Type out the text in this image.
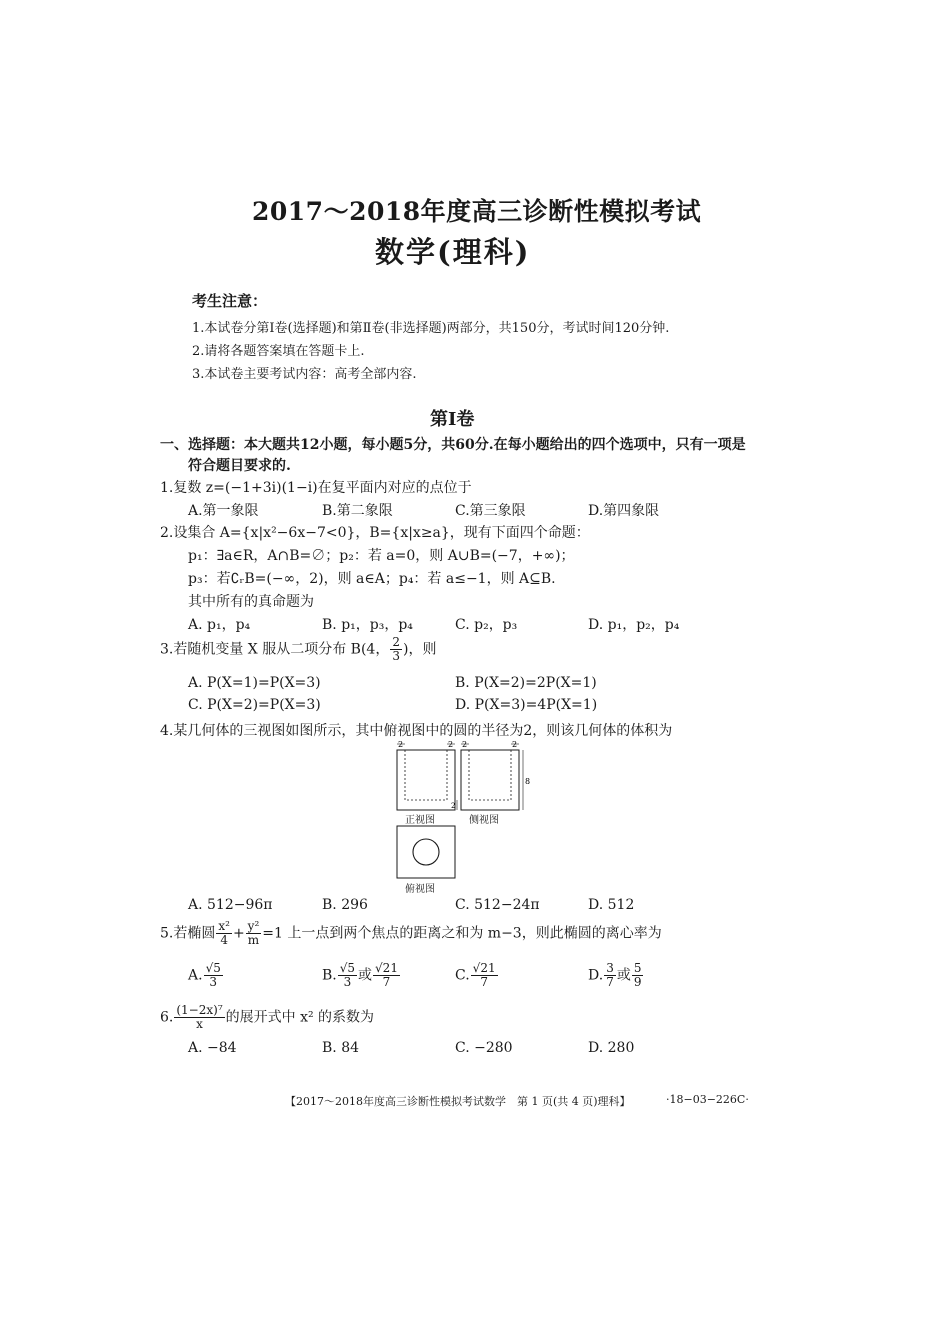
2017～2018年度高三诊断性模拟考试
数学(理科)
考生注意：
1.本试卷分第Ⅰ卷(选择题)和第Ⅱ卷(非选择题)两部分，共150分，考试时间120分钟.
2.请将各题答案填在答题卡上.
3.本试卷主要考试内容：高考全部内容.
第Ⅰ卷
一、选择题：本大题共12小题，每小题5分，共60分.在每小题给出的四个选项中，只有一项是
符合题目要求的.
1.复数 z=(−1+3i)(1−i)在复平面内对应的点位于
A.第一象限	B.第二象限	C.第三象限	D.第四象限
2.设集合 A={x|x²−6x−7<0}，B={x|x≥a}，现有下面四个命题：
p₁：∃a∈R，A∩B=∅；p₂：若 a=0，则 A∪B=(−7，+∞)；
p₃：若∁ᵣB=(−∞，2)，则 a∈A；p₄：若 a≤−1，则 A⊆B.
其中所有的真命题为
A. p₁，p₄	B. p₁，p₃，p₄	C. p₂，p₃	D. p₁，p₂，p₄
3.若随机变量 X 服从二项分布 B(4， $\frac{2}{3}$ )，则
A. P(X=1)=P(X=3)	B. P(X=2)=2P(X=1)
C. P(X=2)=P(X=3)	D. P(X=3)=4P(X=1)
4.某几何体的三视图如图所示，其中俯视图中的圆的半径为2，则该几何体的体积为
2	2 2	2
8
2
正视图	侧视图
俯视图
A. 512−96π	B. 296	C. 512−24π	D. 512
5.若椭圆 $\frac{\text{x²}}{4} + \frac{\text{y²}}{m} =1$ 上一点到两个焦点的距离之和为 m−3，则此椭圆的离心率为
A. $\frac{√5}{3}$	B. $\frac{√5}{3}$ 或 $\frac{√21}{7}$	C. $\frac{√21}{7}$	D. $\frac{3}{7}$ 或 $\frac{5}{9}$
6. $\frac{\text{(1−2x)⁷}}{x}$ 的展开式中 x² 的系数为
A. −84	B. 84	C. −280	D. 280
【2017～2018年度高三诊断性模拟考试数学　第 1 页(共 4 页)理科】	·18−03−226C·
